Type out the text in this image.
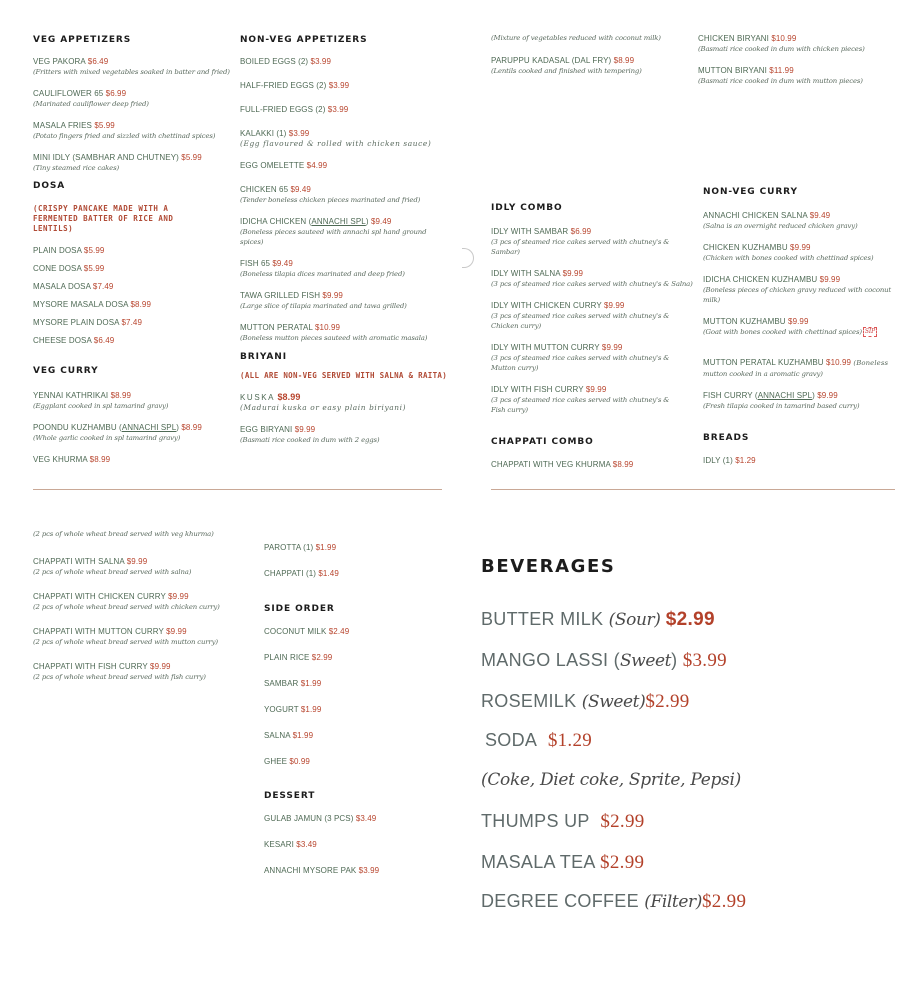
VEG APPETIZERS
VEG PAKORA $6.49
(Fritters with mixed vegetables soaked in batter and fried)
CAULIFLOWER 65 $6.99
(Marinated cauliflower deep fried)
MASALA FRIES $5.99
(Potato fingers fried and sizzled with chettinad spices)
MINI IDLY (SAMBHAR AND CHUTNEY) $5.99
(Tiny steamed rice cakes)
DOSA
(CRISPY PANCAKE MADE WITH A FERMENTED BATTER OF RICE AND LENTILS)
PLAIN DOSA $5.99
CONE DOSA $5.99
MASALA DOSA $7.49
MYSORE MASALA DOSA $8.99
MYSORE PLAIN DOSA $7.49
CHEESE DOSA $6.49
VEG CURRY
YENNAI KATHRIKAI $8.99
(Eggplant cooked in spl tamarind gravy)
POONDU KUZHAMBU (ANNACHI SPL) $8.99
(Whole garlic cooked in spl tamarind gravy)
VEG KHURMA $8.99
NON-VEG APPETIZERS
BOILED EGGS (2) $3.99
HALF-FRIED EGGS (2) $3.99
FULL-FRIED EGGS (2) $3.99
KALAKKI (1) $3.99
(Egg flavoured & rolled with chicken sauce)
EGG OMELETTE $4.99
CHICKEN 65 $9.49
(Tender boneless chicken pieces marinated and fried)
IDICHA CHICKEN (ANNACHI SPL) $9.49
(Boneless pieces sauteed with annachi spl hand ground spices)
FISH 65 $9.49
(Boneless tilapia dices marinated and deep fried)
TAWA GRILLED FISH $9.99
(Large slice of tilapia marinated and tawa grilled)
MUTTON PERATAL $10.99
(Boneless mutton pieces sauteed with aromatic masala)
BRIYANI
(ALL ARE NON-VEG SERVED WITH SALNA & RAITA)
KUSKA $8.99
(Madurai kuska or easy plain biriyani)
EGG BIRYANI $9.99
(Basmati rice cooked in dum with 2 eggs)
(Mixture of vegetables reduced with coconut milk)
PARUPPU KADASAL (DAL FRY) $8.99
(Lentils cooked and finished with tempering)
IDLY COMBO
IDLY WITH SAMBAR $6.99
(3 pcs of steamed rice cakes served with chutney's & Sambar)
IDLY WITH SALNA $9.99
(3 pcs of steamed rice cakes served with chutney's & Salna)
IDLY WITH CHICKEN CURRY $9.99
(3 pcs of steamed rice cakes served with chutney's & Chicken curry)
IDLY WITH MUTTON CURRY $9.99
(3 pcs of steamed rice cakes served with chutney's & Mutton curry)
IDLY WITH FISH CURRY $9.99
(3 pcs of steamed rice cakes served with chutney's & Fish curry)
CHAPPATI COMBO
CHAPPATI WITH VEG KHURMA $8.99
CHICKEN BIRYANI $10.99
(Basmati rice cooked in dum with chicken pieces)
MUTTON BIRYANI $11.99
(Basmati rice cooked in dum with mutton pieces)
NON-VEG CURRY
ANNACHI CHICKEN SALNA $9.49
(Salna is an overnight reduced chicken gravy)
CHICKEN KUZHAMBU $9.99
(Chicken with bones cooked with chettinad spices)
IDICHA CHICKEN KUZHAMBU $9.99
(Boneless pieces of chicken gravy reduced with coconut milk)
MUTTON KUZHAMBU $9.99
(Goat with bones cooked with chettinad spices) SIP
MUTTON PERATAL KUZHAMBU $10.99 (Boneless
mutton cooked in a aromatic gravy)
FISH CURRY (ANNACHI SPL) $9.99
(Fresh tilapia cooked in tamarind based curry)
BREADS
IDLY (1) $1.29
(2 pcs of whole wheat bread served with veg khurma)
CHAPPATI WITH SALNA $9.99
(2 pcs of whole wheat bread served with salna)
CHAPPATI WITH CHICKEN CURRY $9.99
(2 pcs of whole wheat bread served with chicken curry)
CHAPPATI WITH MUTTON CURRY $9.99
(2 pcs of whole wheat bread served with mutton curry)
CHAPPATI WITH FISH CURRY $9.99
(2 pcs of whole wheat bread served with fish curry)
PAROTTA (1) $1.99
CHAPPATI (1) $1.49
SIDE ORDER
COCONUT MILK $2.49
PLAIN RICE $2.99
SAMBAR $1.99
YOGURT $1.99
SALNA $1.99
GHEE $0.99
DESSERT
GULAB JAMUN (3 PCS) $3.49
KESARI $3.49
ANNACHI MYSORE PAK $3.99
BEVERAGES
BUTTER MILK (Sour) $2.99
MANGO LASSI (Sweet) $3.99
ROSEMILK (Sweet)$2.99
SODA $1.29
(Coke, Diet coke, Sprite, Pepsi)
THUMPS UP $2.99
MASALA TEA $2.99
DEGREE COFFEE (Filter)$2.99
